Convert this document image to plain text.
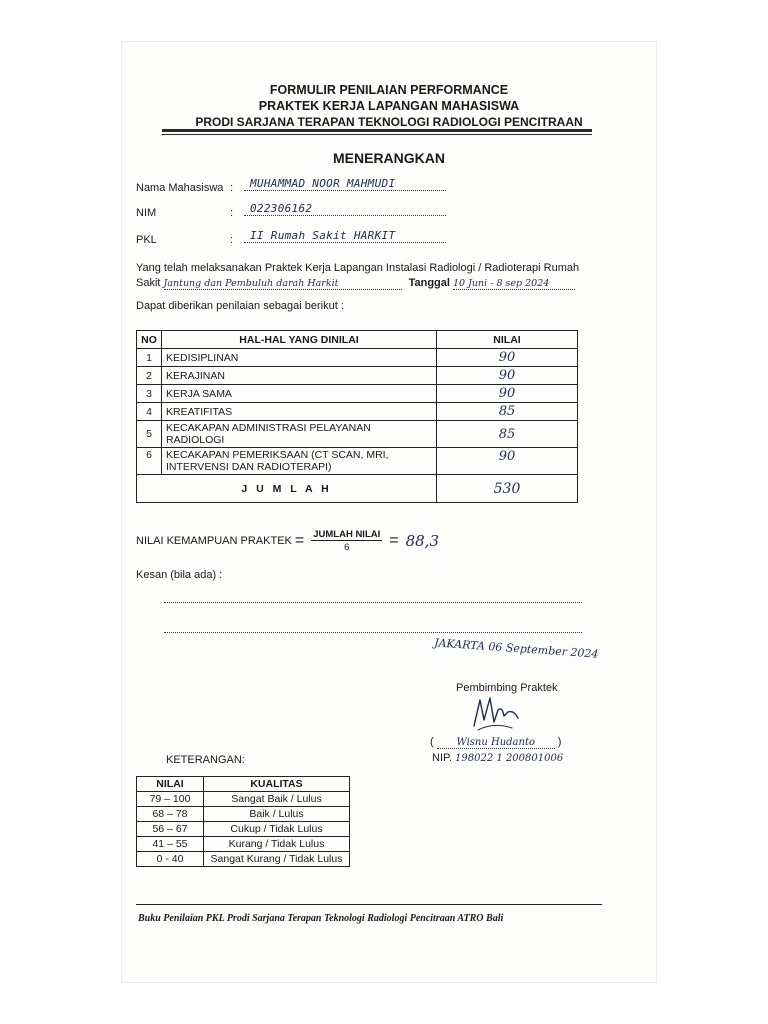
FORMULIR PENILAIAN PERFORMANCE
PRAKTEK KERJA LAPANGAN MAHASISWA
PRODI SARJANA TERAPAN TEKNOLOGI RADIOLOGI PENCITRAAN
MENERANGKAN
Nama Mahasiswa :	MUHAMMAD NOOR MAHMUDI
NIM	:	022306162
PKL	:	II Rumah Sakit HARKIT
Yang telah melaksanakan Praktek Kerja Lapangan Instalasi Radiologi / Radioterapi Rumah
Sakit Jantung dan Pembuluh darah Harkit	Tanggal 10 Juni - 8 sep 2024
Dapat diberikan penilaian sebagai berikut :
NO	HAL-HAL YANG DINILAI	NILAI
1	KEDISIPLINAN	90
2	KERAJINAN	90
3	KERJA SAMA	90
4	KREATIFITAS	85
5	KECAKAPAN ADMINISTRASI PELAYANAN RADIOLOGI	85
6	KECAKAPAN PEMERIKSAAN (CT SCAN, MRI,
INTERVENSI DAN RADIOTERAPI)	90
J U M L A H		530
NILAI KEMAMPUAN PRAKTEK = $\frac{\text{JUMLAH NILAI}}{6} = 88,3$
Kesan (bila ada) :
JAKARTA 06 September 2024
Pembimbing Praktek
( Wisnu Hudanto )
NIP. 198022 1 200801006
KETERANGAN:
NILAI	KUALITAS
79 – 100	Sangat Baik / Lulus
68 – 78	Baik / Lulus
56 – 67	Cukup / Tidak Lulus
41 – 55	Kurang / Tidak Lulus
0 - 40	Sangat Kurang / Tidak Lulus
Buku Penilaian PKL Prodi Sarjana Terapan Teknologi Radiologi Pencitraan ATRO Bali
